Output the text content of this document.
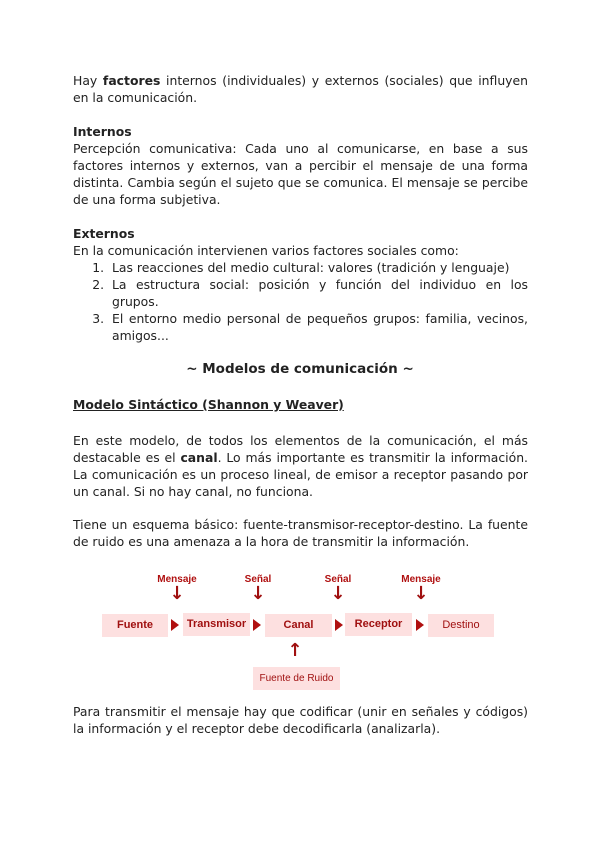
Hay factores internos (individuales) y externos (sociales) que influyen en la comunicación.

Internos

Percepción comunicativa: Cada uno al comunicarse, en base a sus factores internos y externos, van a percibir el mensaje de una forma distinta. Cambia según el sujeto que se comunica. El mensaje se percibe de una forma subjetiva.

Externos

En la comunicación intervienen varios factores sociales como:
1. Las reacciones del medio cultural: valores (tradición y lenguaje)
2. La estructura social: posición y función del individuo en los grupos.
3. El entorno medio personal de pequeños grupos: familia, vecinos, amigos...
~ Modelos de comunicación ~

Modelo Sintáctico (Shannon y Weaver)

En este modelo, de todos los elementos de la comunicación, el más destacable es el canal. Lo más importante es transmitir la información. La comunicación es un proceso lineal, de emisor a receptor pasando por un canal. Si no hay canal, no funciona.

Tiene un esquema básico: fuente-transmisor-receptor-destino. La fuente de ruido es una amenaza a la hora de transmitir la información.

Mensaje	Señal	Señal	Mensaje
↓	↓	↓	↓
Fuente	Transmisor	Canal	Receptor	Destino
↑
Fuente de Ruido

Para transmitir el mensaje hay que codificar (unir en señales y códigos) la información y el receptor debe decodificarla (analizarla).
